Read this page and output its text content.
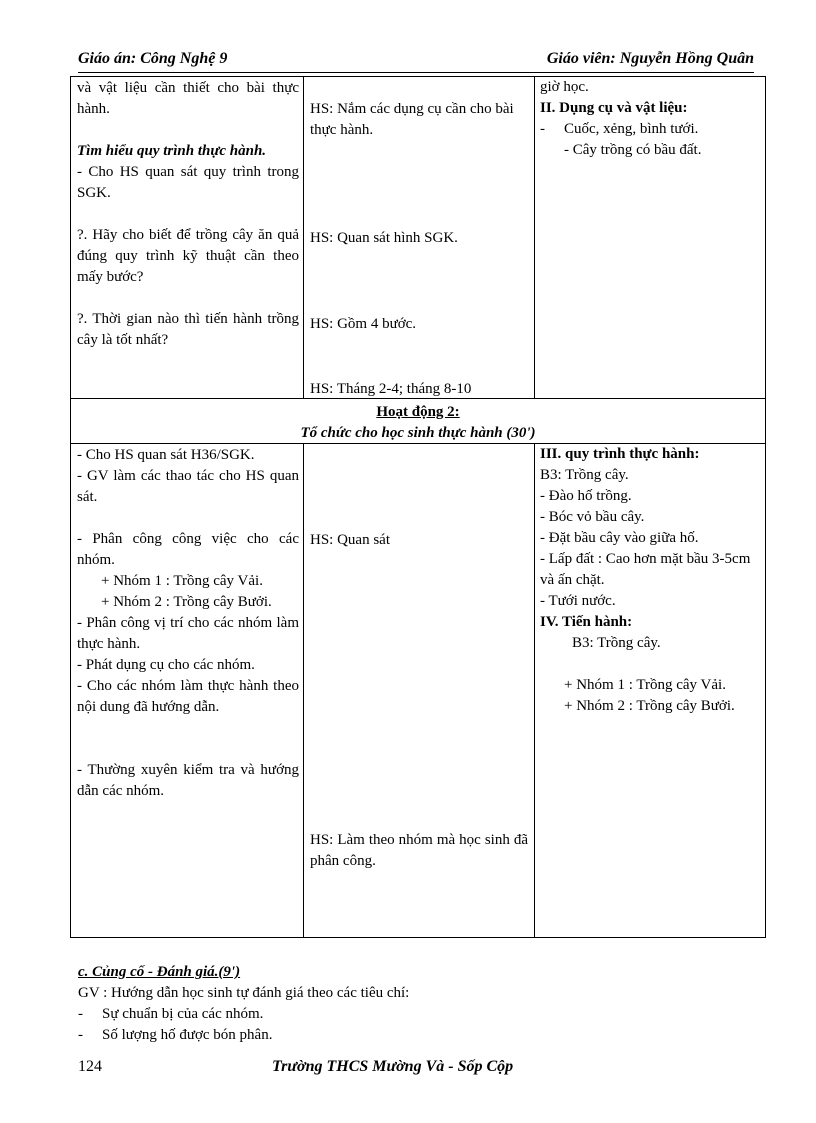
Giáo án: Công Nghệ 9	Giáo viên: Nguyễn Hồng Quân
và vật liệu cần thiết cho bài thực hành.
Tìm hiểu quy trình thực hành.
- Cho HS quan sát quy trình trong SGK.
?. Hãy cho biết để trồng cây ăn quả đúng quy trình kỹ thuật cần theo mấy bước?
?. Thời gian nào thì tiến hành trồng cây là tốt nhất?
HS: Nắm các dụng cụ cần cho bài thực hành.
HS: Quan sát hình SGK.
HS: Gồm 4 bước.
HS: Tháng 2-4; tháng 8-10
giờ học.
II. Dụng cụ và vật liệu:
- Cuốc, xẻng, bình tưới.
- Cây trồng có bầu đất.
Hoạt động 2:
Tổ chức cho học sinh thực hành (30')
- Cho HS quan sát H36/SGK.
- GV làm các thao tác cho HS quan sát.
- Phân công công việc cho các nhóm.
+ Nhóm 1 : Trồng cây Vải.
+ Nhóm 2 : Trồng cây Bưởi.
- Phân công vị trí cho các nhóm làm thực hành.
- Phát dụng cụ cho các nhóm.
- Cho các nhóm làm thực hành theo nội dung đã hướng dẫn.
- Thường xuyên kiểm tra và hướng dẫn các nhóm.
HS: Quan sát
HS: Làm theo nhóm mà học sinh đã phân công.
III. quy trình thực hành:
B3: Trồng cây.
- Đào hố trồng.
- Bóc vỏ bầu cây.
- Đặt bầu cây vào giữa hố.
- Lấp đất : Cao hơn mặt bầu 3-5cm và ấn chặt.
- Tưới nước.
IV. Tiến hành:
B3: Trồng cây.
+ Nhóm 1 : Trồng cây Vải.
+ Nhóm 2 : Trồng cây Bưởi.
c. Củng cố - Đánh giá.(9')
GV : Hướng dẫn học sinh tự đánh giá theo các tiêu chí:
- Sự chuẩn bị của các nhóm.
- Số lượng hố được bón phân.
124	Trường THCS Mường Và - Sốp Cộp
